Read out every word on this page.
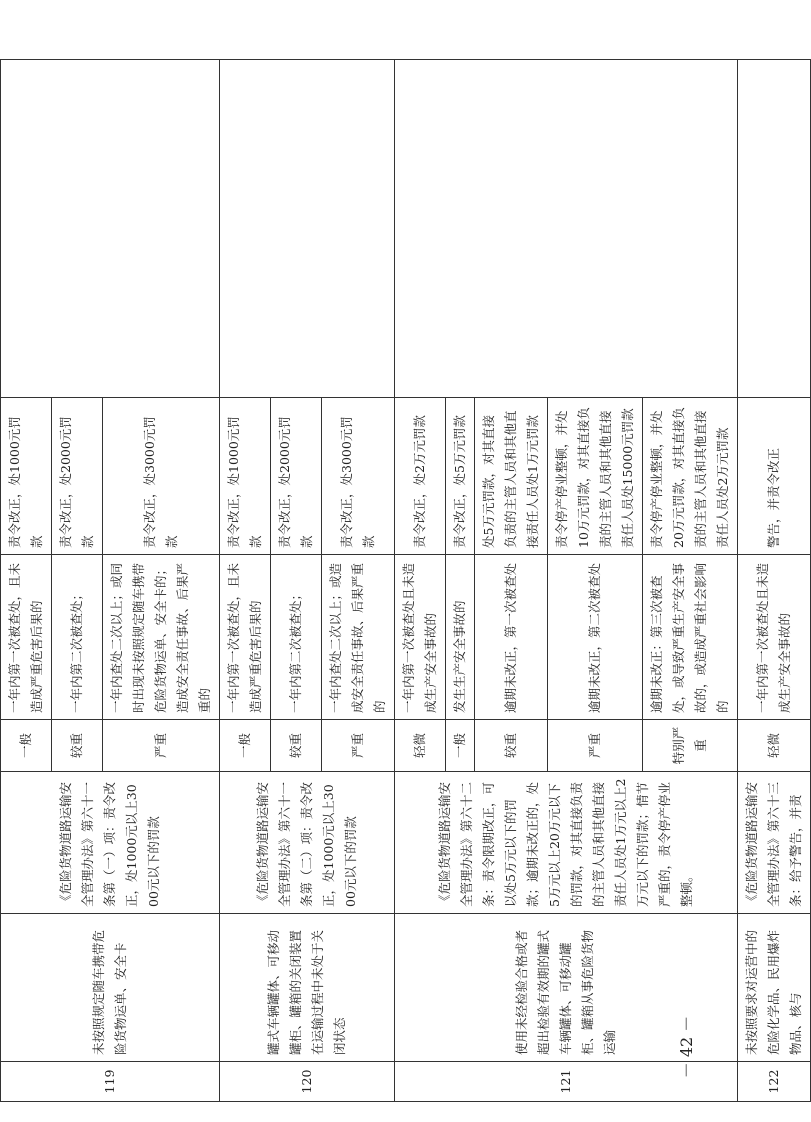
119	未按照规定随车携带危险货物运单、安全卡	《危险货物道路运输安全管理办法》第六十一条第（一）项：责令改正，处1000元以上3000元以下的罚款	一般	一年内第一次被查处，且未造成严重危害后果的	责令改正，处1000元罚款	
			较重	一年内第二次被查处；	责令改正，处2000元罚款	
			严重	一年内查处二次以上；或同时出现未按照规定随车携带危险货物运单、安全卡的；造成安全责任事故、后果严重的	责令改正，处3000元罚款	
120	罐式车辆罐体、可移动罐柜、罐箱的关闭装置在运输过程中未处于关闭状态	《危险货物道路运输安全管理办法》第六十一条第（二）项：责令改正，处1000元以上3000元以下的罚款	一般	一年内第一次被查处，且未造成严重危害后果的	责令改正，处1000元罚款	
			较重	一年内第二次被查处；	责令改正，处2000元罚款	
			严重	一年内查处二次以上；或造成安全责任事故、后果严重的	责令改正，处3000元罚款	
121	使用未经检验合格或者超出检验有效期的罐式车辆罐体、可移动罐柜、罐箱从事危险货物运输	《危险货物道路运输安全管理办法》第六十二条：责令限期改正，可以处5万元以下的罚款；逾期未改正的，处5万元以上20万元以下的罚款，对其直接负责的主管人员和其他直接责任人员处1万元以上2万元以下的罚款；情节严重的，责令停产停业整顿。	轻微	一年内第一次被查处且未造成生产安全事故的	责令改正，处2万元罚款	
			一般	发生生产安全事故的	责令改正，处5万元罚款	
			较重	逾期未改正，第一次被查处	处5万元罚款，对其直接负责的主管人员和其他直接责任人员处1万元罚款	
			严重	逾期未改正，第二次被查处	责令停产停业整顿，并处10万元罚款，对其直接负责的主管人员和其他直接责任人员处15000元罚款	
			特别严重	逾期未改正：第三次被查处，或导致严重生产安全事故的，或造成严重社会影响的	责令停产停业整顿，并处20万元罚款，对其直接负责的主管人员和其他直接责任人员处2万元罚款	
122	未按照要求对运营中的危险化学品、民用爆炸物品、核与	《危险货物道路运输安全管理办法》第六十三条：给予警告，并责	轻微	一年内第一次被查处且未造成生产安全事故的	警告，并责令改正	
－ 42 －
